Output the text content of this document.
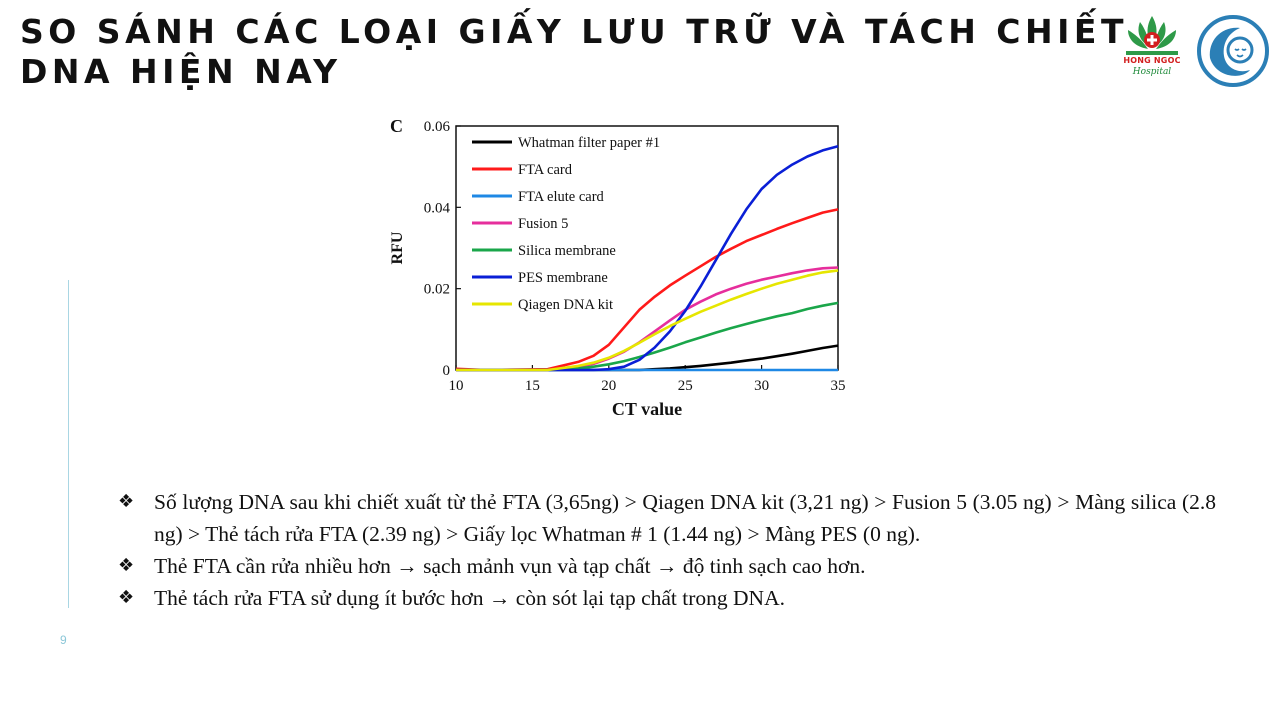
SO SÁNH CÁC LOẠI GIẤY LƯU TRỮ VÀ TÁCH CHIẾT
DNA HIỆN NAY	HONG NGOC
Hospital
9
10	15	20	25	30	35
0
0.02
0.04
0.06
CT value
RFU
C
Whatman filter paper #1
FTA card
FTA elute card
Fusion 5
Silica membrane
PES membrane
Qiagen DNA kit
❖ Số lượng DNA sau khi chiết xuất từ thẻ FTA (3,65ng) > Qiagen DNA kit (3,21 ng) > Fusion 5 (3.05 ng) > Màng silica (2.8 ng) > Thẻ tách rửa FTA (2.39 ng) > Giấy lọc Whatman # 1 (1.44 ng) > Màng PES (0 ng).
❖ Thẻ FTA cần rửa nhiều hơn → sạch mảnh vụn và tạp chất → độ tinh sạch cao hơn.
❖ Thẻ tách rửa FTA sử dụng ít bước hơn → còn sót lại tạp chất trong DNA.
